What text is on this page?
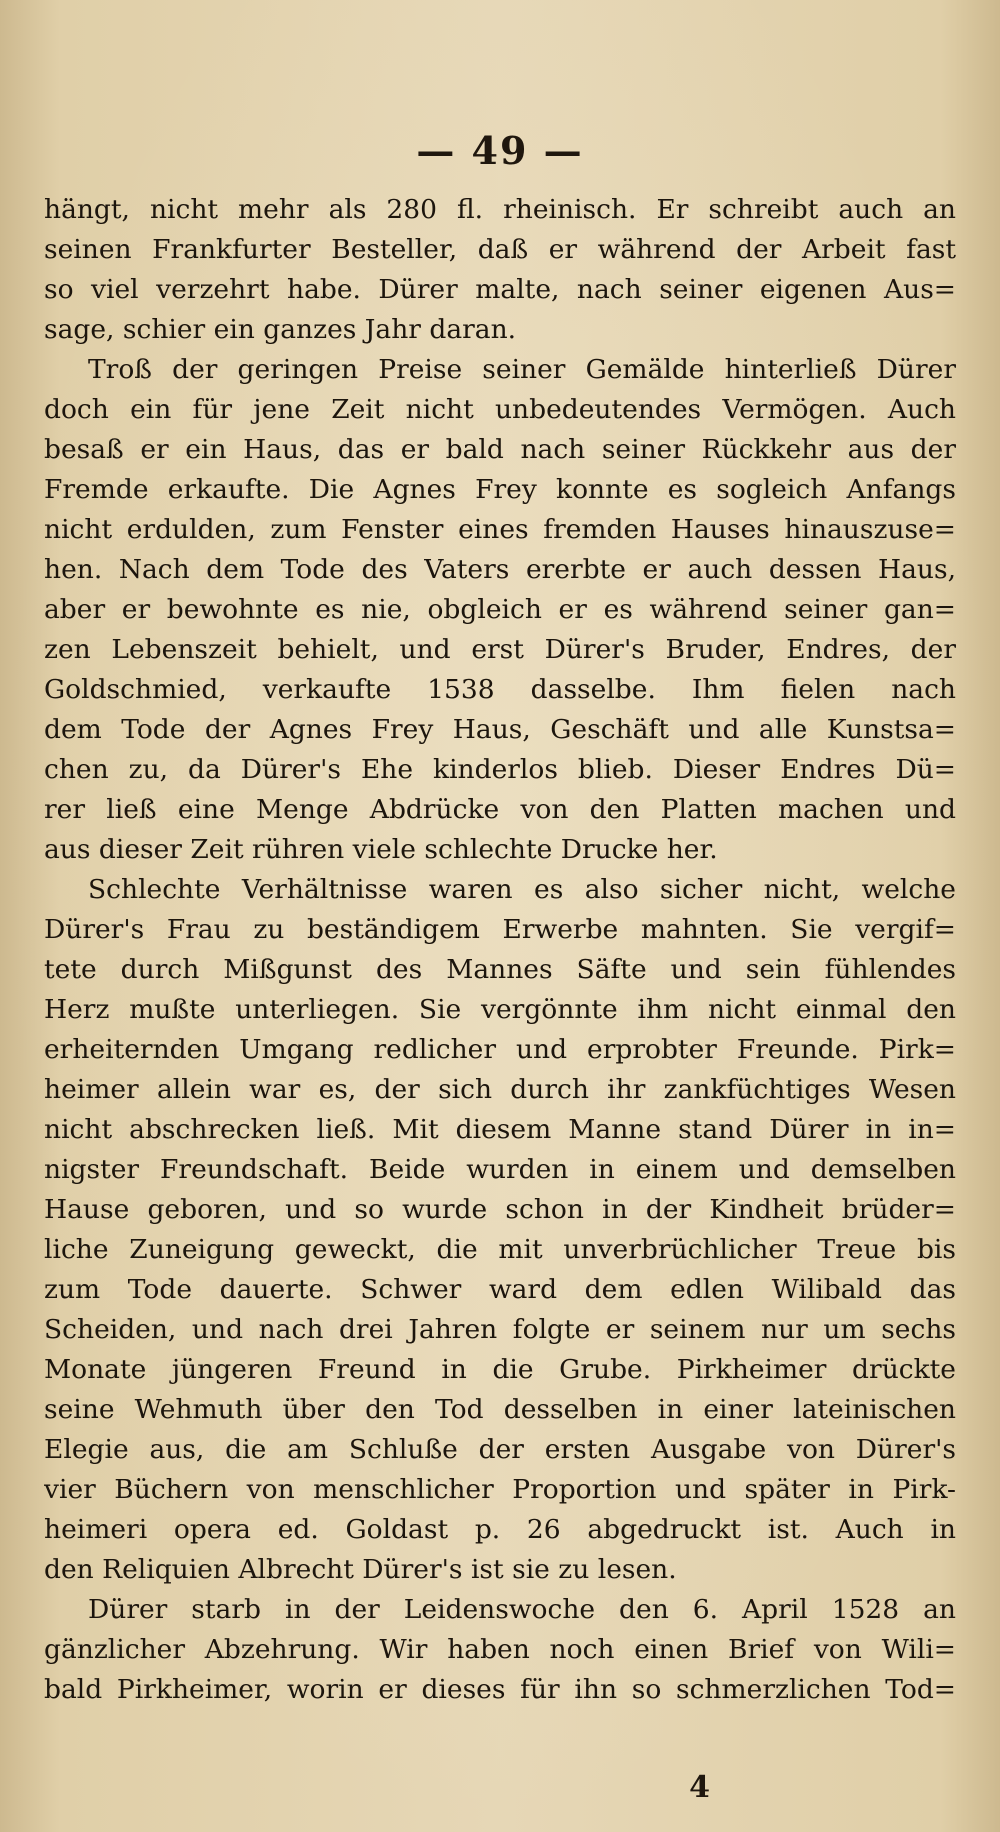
— 49 —
hängt, nicht mehr als 280 fl. rheinisch. Er schreibt auch an
seinen Frankfurter Besteller, daß er während der Arbeit fast
so viel verzehrt habe. Dürer malte, nach seiner eigenen Aus=
sage, schier ein ganzes Jahr daran.
Troß der geringen Preise seiner Gemälde hinterließ Dürer
doch ein für jene Zeit nicht unbedeutendes Vermögen. Auch
besaß er ein Haus, das er bald nach seiner Rückkehr aus der
Fremde erkaufte. Die Agnes Frey konnte es sogleich Anfangs
nicht erdulden, zum Fenster eines fremden Hauses hinauszuse=
hen. Nach dem Tode des Vaters ererbte er auch dessen Haus,
aber er bewohnte es nie, obgleich er es während seiner gan=
zen Lebenszeit behielt, und erst Dürer's Bruder, Endres, der
Goldschmied, verkaufte 1538 dasselbe. Ihm fielen nach
dem Tode der Agnes Frey Haus, Geschäft und alle Kunstsa=
chen zu, da Dürer's Ehe kinderlos blieb. Dieser Endres Dü=
rer ließ eine Menge Abdrücke von den Platten machen und
aus dieser Zeit rühren viele schlechte Drucke her.
Schlechte Verhältnisse waren es also sicher nicht, welche
Dürer's Frau zu beständigem Erwerbe mahnten. Sie vergif=
tete durch Mißgunst des Mannes Säfte und sein fühlendes
Herz mußte unterliegen. Sie vergönnte ihm nicht einmal den
erheiternden Umgang redlicher und erprobter Freunde. Pirk=
heimer allein war es, der sich durch ihr zankfüchtiges Wesen
nicht abschrecken ließ. Mit diesem Manne stand Dürer in in=
nigster Freundschaft. Beide wurden in einem und demselben
Hause geboren, und so wurde schon in der Kindheit brüder=
liche Zuneigung geweckt, die mit unverbrüchlicher Treue bis
zum Tode dauerte. Schwer ward dem edlen Wilibald das
Scheiden, und nach drei Jahren folgte er seinem nur um sechs
Monate jüngeren Freund in die Grube. Pirkheimer drückte
seine Wehmuth über den Tod desselben in einer lateinischen
Elegie aus, die am Schluße der ersten Ausgabe von Dürer's
vier Büchern von menschlicher Proportion und später in Pirk-
heimeri opera ed. Goldast p. 26 abgedruckt ist. Auch in
den Reliquien Albrecht Dürer's ist sie zu lesen.
Dürer starb in der Leidenswoche den 6. April 1528 an
gänzlicher Abzehrung. Wir haben noch einen Brief von Wili=
bald Pirkheimer, worin er dieses für ihn so schmerzlichen Tod=
4
